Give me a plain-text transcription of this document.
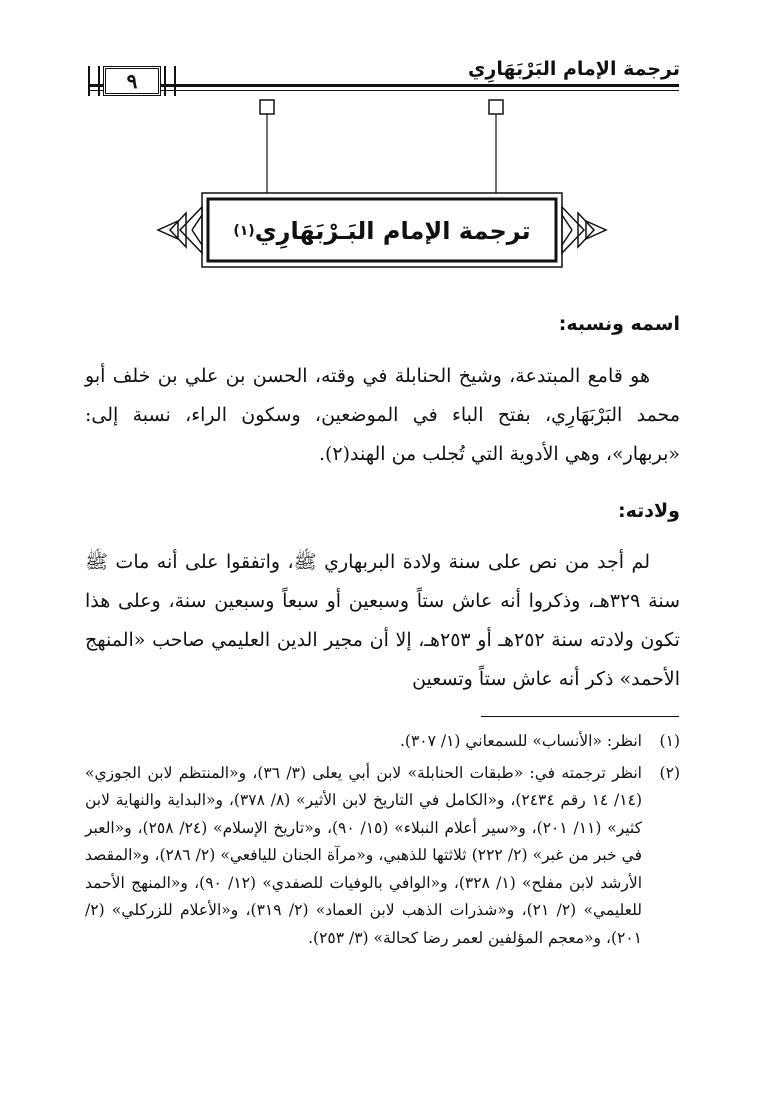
ترجمة الإمام البَرْبَهَارِي
٩
ترجمة الإمام البَـرْبَهَارِي
(١)
اسمه ونسبه:

هو قامع المبتدعة، وشيخ الحنابلة في وقته، الحسن بن علي بن خلف أبو محمد البَرْبَهَارِي، بفتح الباء في الموضعين، وسكون الراء، نسبة إلى: «بربهار»، وهي الأدوية التي تُجلب من الهند(٢).

ولادته:

لم أجد من نص على سنة ولادة البربهاري ﷺ، واتفقوا على أنه مات ﷺ سنة ٣٢٩هـ، وذكروا أنه عاش ستاً وسبعين أو سبعاً وسبعين سنة، وعلى هذا تكون ولادته سنة ٢٥٢هـ أو ٢٥٣هـ، إلا أن مجير الدين العليمي صاحب «المنهج الأحمد» ذكر أنه عاش ستاً وتسعين

(١)
انظر: «الأنساب» للسمعاني (١/ ٣٠٧).
(٢)
انظر ترجمته في: «طبقات الحنابلة» لابن أبي يعلى (٣/ ٣٦)، و«المنتظم لابن الجوزي» (١٤/ ١٤ رقم ٢٤٣٤)، و«الكامل في التاريخ لابن الأثير» (٨/ ٣٧٨)، و«البداية والنهاية لابن كثير» (١١/ ٢٠١)، و«سير أعلام النبلاء» (١٥/ ٩٠)، و«تاريخ الإسلام» (٢٤/ ٢٥٨)، و«العبر في خبر من غبر» (٢/ ٢٢٢) ثلاثتها للذهبي، و«مرآة الجنان لليافعي» (٢/ ٢٨٦)، و«المقصد الأرشد لابن مفلح» (١/ ٣٢٨)، و«الوافي بالوفيات للصفدي» (١٢/ ٩٠)، و«المنهج الأحمد للعليمي» (٢/ ٢١)، و«شذرات الذهب لابن العماد» (٢/ ٣١٩)، و«الأعلام للزركلي» (٢/ ٢٠١)، و«معجم المؤلفين لعمر رضا كحالة» (٣/ ٢٥٣).
